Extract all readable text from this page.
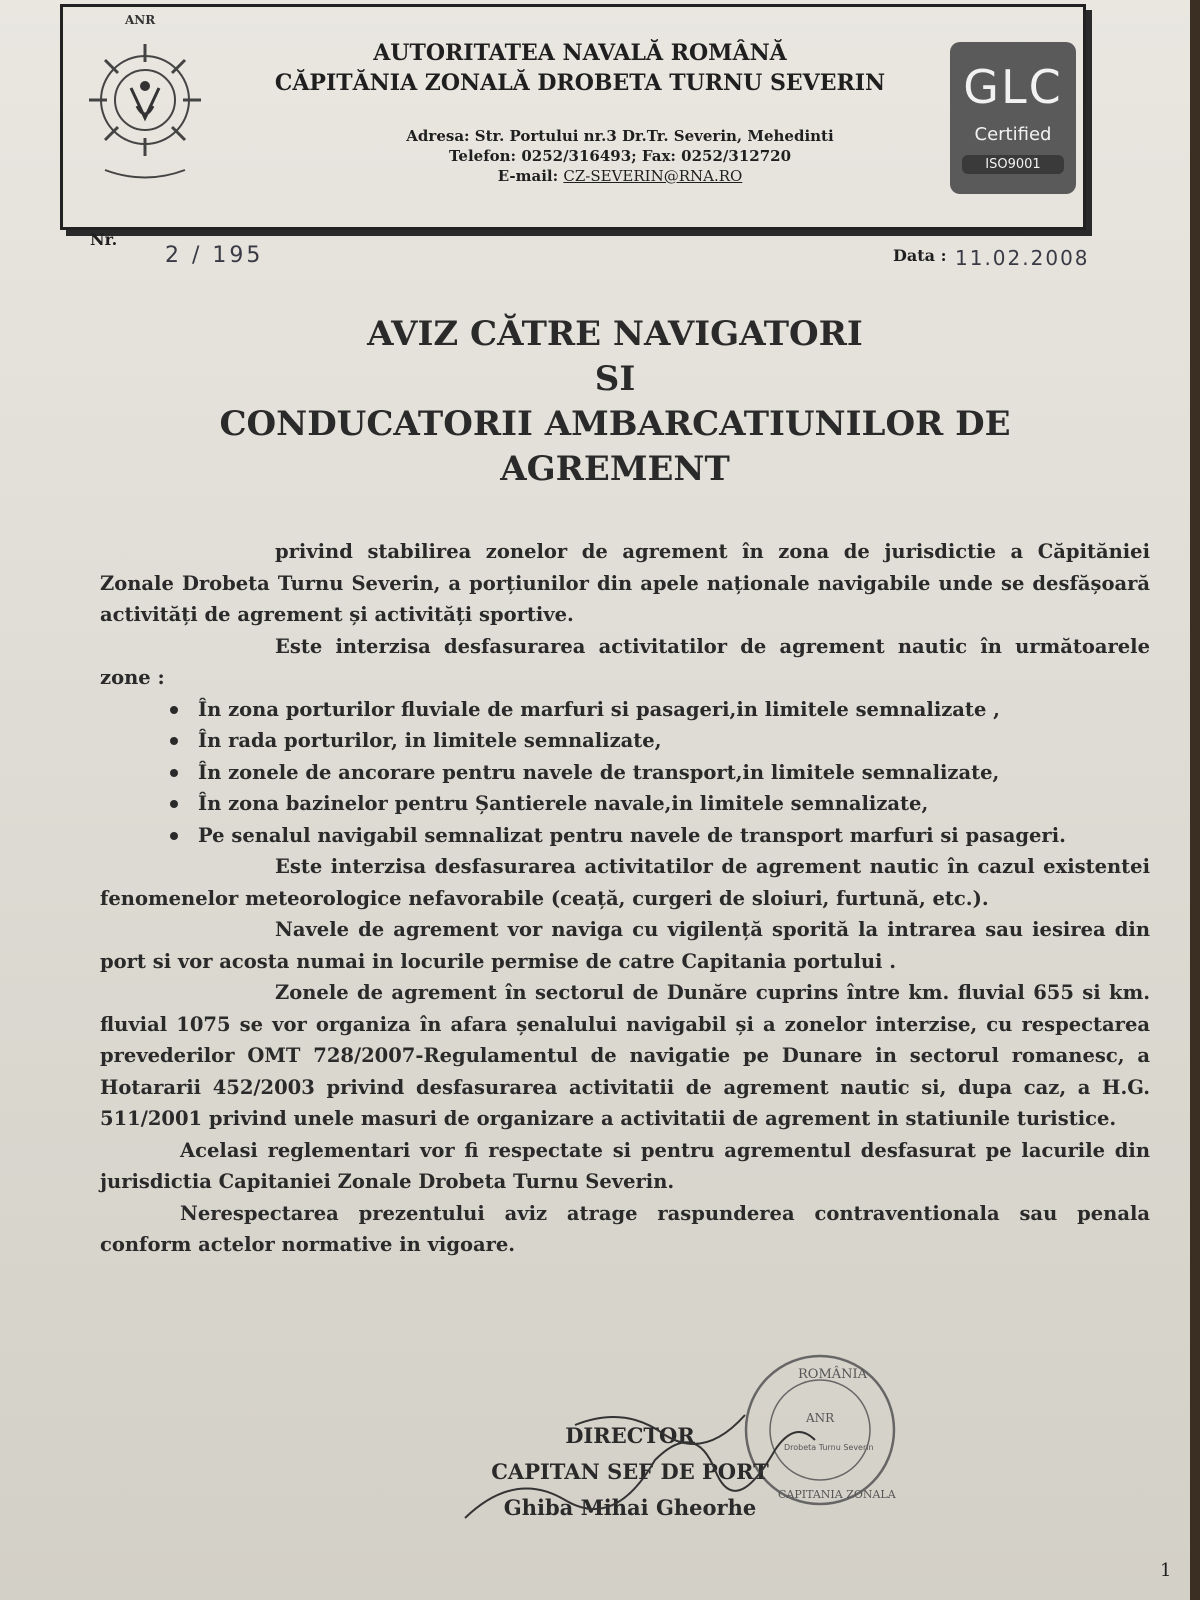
ANR
AUTORITATEA NAVALĂ ROMÂNĂ
CĂPITĂNIA ZONALĂ DROBETA TURNU SEVERIN
Adresa: Str. Portului nr.3 Dr.Tr. Severin, Mehedinti
Telefon: 0252/316493; Fax: 0252/312720
E-mail: CZ-SEVERIN@RNA.RO
GLC
Certified
ISO9001
Nr.
2 / 195	Data : 11.02.2008
AVIZ CĂTRE NAVIGATORI
SI
CONDUCATORII AMBARCATIUNILOR DE
AGREMENT

privind stabilirea zonelor de agrement în zona de jurisdictie a Căpităniei Zonale Drobeta Turnu Severin, a porțiunilor din apele naționale navigabile unde se desfășoară activități de agrement și activități sportive.

Este interzisa desfasurarea activitatilor de agrement nautic în următoarele zone :

În zona porturilor fluviale de marfuri si pasageri,in limitele semnalizate ,
În rada porturilor, in limitele semnalizate,
În zonele de ancorare pentru navele de transport,in limitele semnalizate,
În zona bazinelor pentru Șantierele navale,in limitele semnalizate,
Pe senalul navigabil semnalizat pentru navele de transport marfuri si pasageri.

Este interzisa desfasurarea activitatilor de agrement nautic în cazul existentei fenomenelor meteorologice nefavorabile (ceață, curgeri de sloiuri, furtună, etc.).

Navele de agrement vor naviga cu vigilență sporită la intrarea sau iesirea din port si vor acosta numai in locurile permise de catre Capitania portului .

Zonele de agrement în sectorul de Dunăre cuprins între km. fluvial 655 si km. fluvial 1075 se vor organiza în afara șenalului navigabil și a zonelor interzise, cu respectarea prevederilor OMT 728/2007-Regulamentul de navigatie pe Dunare in sectorul romanesc, a Hotararii 452/2003 privind desfasurarea activitatii de agrement nautic si, dupa caz, a H.G. 511/2001 privind unele masuri de organizare a activitatii de agrement in statiunile turistice.

Acelasi reglementari vor fi respectate si pentru agrementul desfasurat pe lacurile din jurisdictia Capitaniei Zonale Drobeta Turnu Severin.

Nerespectarea prezentului aviz atrage raspunderea contraventionala sau penala conform actelor normative in vigoare.

ROMÂNIA
ANR
Drobeta Turnu Severin
CAPITANIA ZONALA
DIRECTOR
CAPITAN SEF DE PORT
Ghiba Mihai Gheorhe
1
